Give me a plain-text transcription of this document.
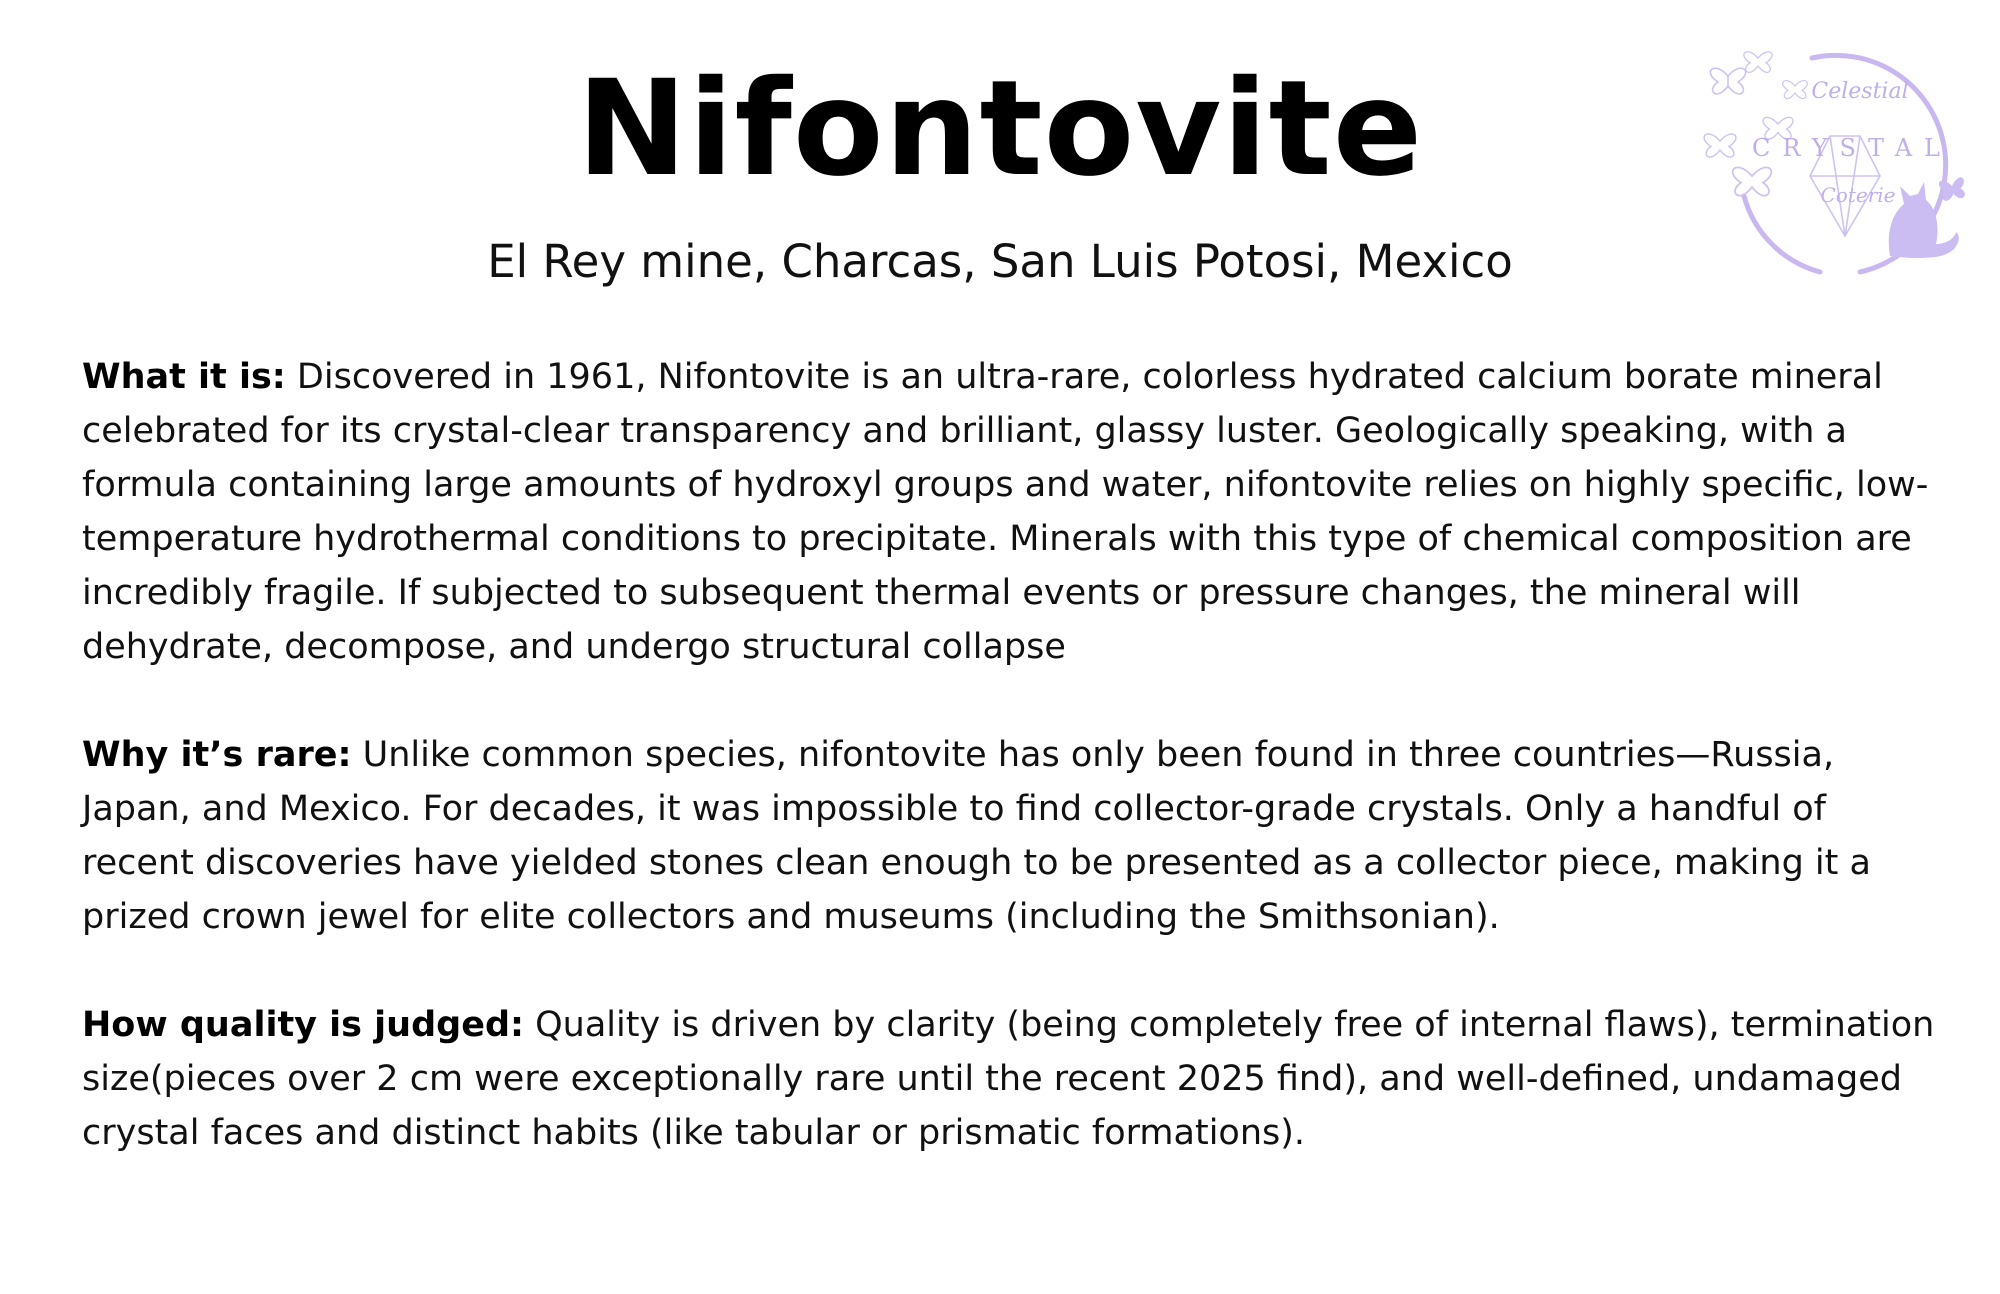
Nifontovite
El Rey mine, Charcas, San Luis Potosi, Mexico

What it is: Discovered in 1961, Nifontovite is an ultra-rare, colorless hydrated calcium borate mineral celebrated for its crystal-clear transparency and brilliant, glassy luster. Geologically speaking, with a formula containing large amounts of hydroxyl groups and water, nifontovite relies on highly specific, low-temperature hydrothermal conditions to precipitate. Minerals with this type of chemical composition are incredibly fragile. If subjected to subsequent thermal events or pressure changes, the mineral will dehydrate, decompose, and undergo structural collapse

Why it’s rare: Unlike common species, nifontovite has only been found in three countries—Russia, Japan, and Mexico. For decades, it was impossible to find collector-grade crystals. Only a handful of recent discoveries have yielded stones clean enough to be presented as a collector piece, making it a prized crown jewel for elite collectors and museums (including the Smithsonian).

How quality is judged: Quality is driven by clarity (being completely free of internal flaws), termination size(pieces over 2 cm were exceptionally rare until the recent 2025 find), and well-defined, undamaged crystal faces and distinct habits (like tabular or prismatic formations).

Celestial
CRYSTAL
Coterie
